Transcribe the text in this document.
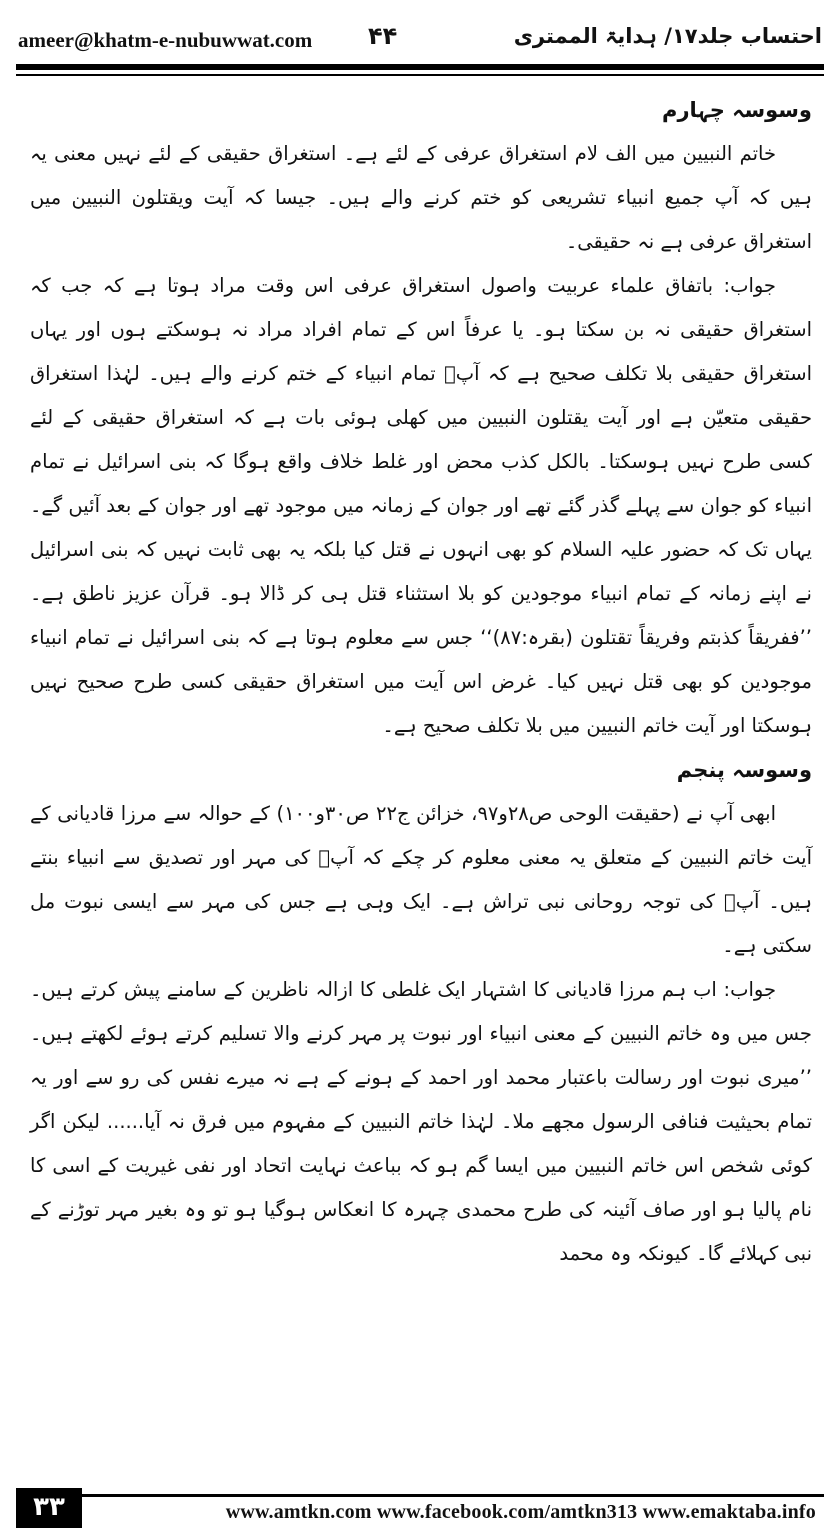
ameer@khatm-e-nubuwwat.com ۴۴	احتساب جلد۱۷/ ہدایۃ الممتری
وسوسہ چہارم

خاتم النبیین میں الف لام استغراق عرفی کے لئے ہے۔ استغراق حقیقی کے لئے نہیں معنی یہ ہیں کہ آپ جمیع انبیاء تشریعی کو ختم کرنے والے ہیں۔ جیسا کہ آیت ویقتلون النبیین میں استغراق عرفی ہے نہ حقیقی۔

جواب: باتفاق علماء عربیت واصول استغراق عرفی اس وقت مراد ہوتا ہے کہ جب کہ استغراق حقیقی نہ بن سکتا ہو۔ یا عرفاً اس کے تمام افراد مراد نہ ہوسکتے ہوں اور یہاں استغراق حقیقی بلا تکلف صحیح ہے کہ آپؐ تمام انبیاء کے ختم کرنے والے ہیں۔ لہٰذا استغراق حقیقی متعیّن ہے اور آیت یقتلون النبیین میں کھلی ہوئی بات ہے کہ استغراق حقیقی کے لئے کسی طرح نہیں ہوسکتا۔ بالکل کذب محض اور غلط خلاف واقع ہوگا کہ بنی اسرائیل نے تمام انبیاء کو جوان سے پہلے گذر گئے تھے اور جوان کے زمانہ میں موجود تھے اور جوان کے بعد آئیں گے۔ یہاں تک کہ حضور علیہ السلام کو بھی انہوں نے قتل کیا بلکہ یہ بھی ثابت نہیں کہ بنی اسرائیل نے اپنے زمانہ کے تمام انبیاء موجودین کو بلا استثناء قتل ہی کر ڈالا ہو۔ قرآن عزیز ناطق ہے۔ ’’ففریقاً کذبتم وفریقاً تقتلون (بقرہ:۸۷)‘‘ جس سے معلوم ہوتا ہے کہ بنی اسرائیل نے تمام انبیاء موجودین کو بھی قتل نہیں کیا۔ غرض اس آیت میں استغراق حقیقی کسی طرح صحیح نہیں ہوسکتا اور آیت خاتم النبیین میں بلا تکلف صحیح ہے۔

وسوسہ پنجم

ابھی آپ نے (حقیقت الوحی ص۲۸و۹۷، خزائن ج۲۲ ص۳۰و۱۰۰) کے حوالہ سے مرزا قادیانی کے آیت خاتم النبیین کے متعلق یہ معنی معلوم کر چکے کہ آپؐ کی مہر اور تصدیق سے انبیاء بنتے ہیں۔ آپؐ کی توجہ روحانی نبی تراش ہے۔ ایک وہی ہے جس کی مہر سے ایسی نبوت مل سکتی ہے۔

جواب: اب ہم مرزا قادیانی کا اشتہار ایک غلطی کا ازالہ ناظرین کے سامنے پیش کرتے ہیں۔ جس میں وہ خاتم النبیین کے معنی انبیاء اور نبوت پر مہر کرنے والا تسلیم کرتے ہوئے لکھتے ہیں۔ ’’میری نبوت اور رسالت باعتبار محمد اور احمد کے ہونے کے ہے نہ میرے نفس کی رو سے اور یہ تمام بحیثیت فنافی الرسول مجھے ملا۔ لہٰذا خاتم النبیین کے مفہوم میں فرق نہ آیا...... لیکن اگر کوئی شخص اس خاتم النبیین میں ایسا گم ہو کہ بباعث نہایت اتحاد اور نفی غیریت کے اسی کا نام پالیا ہو اور صاف آئینہ کی طرح محمدی چہرہ کا انعکاس ہوگیا ہو تو وہ بغیر مہر توڑنے کے نبی کہلائے گا۔ کیونکہ وہ محمد

۳۳	www.amtkn.com www.facebook.com/amtkn313 www.emaktaba.info
